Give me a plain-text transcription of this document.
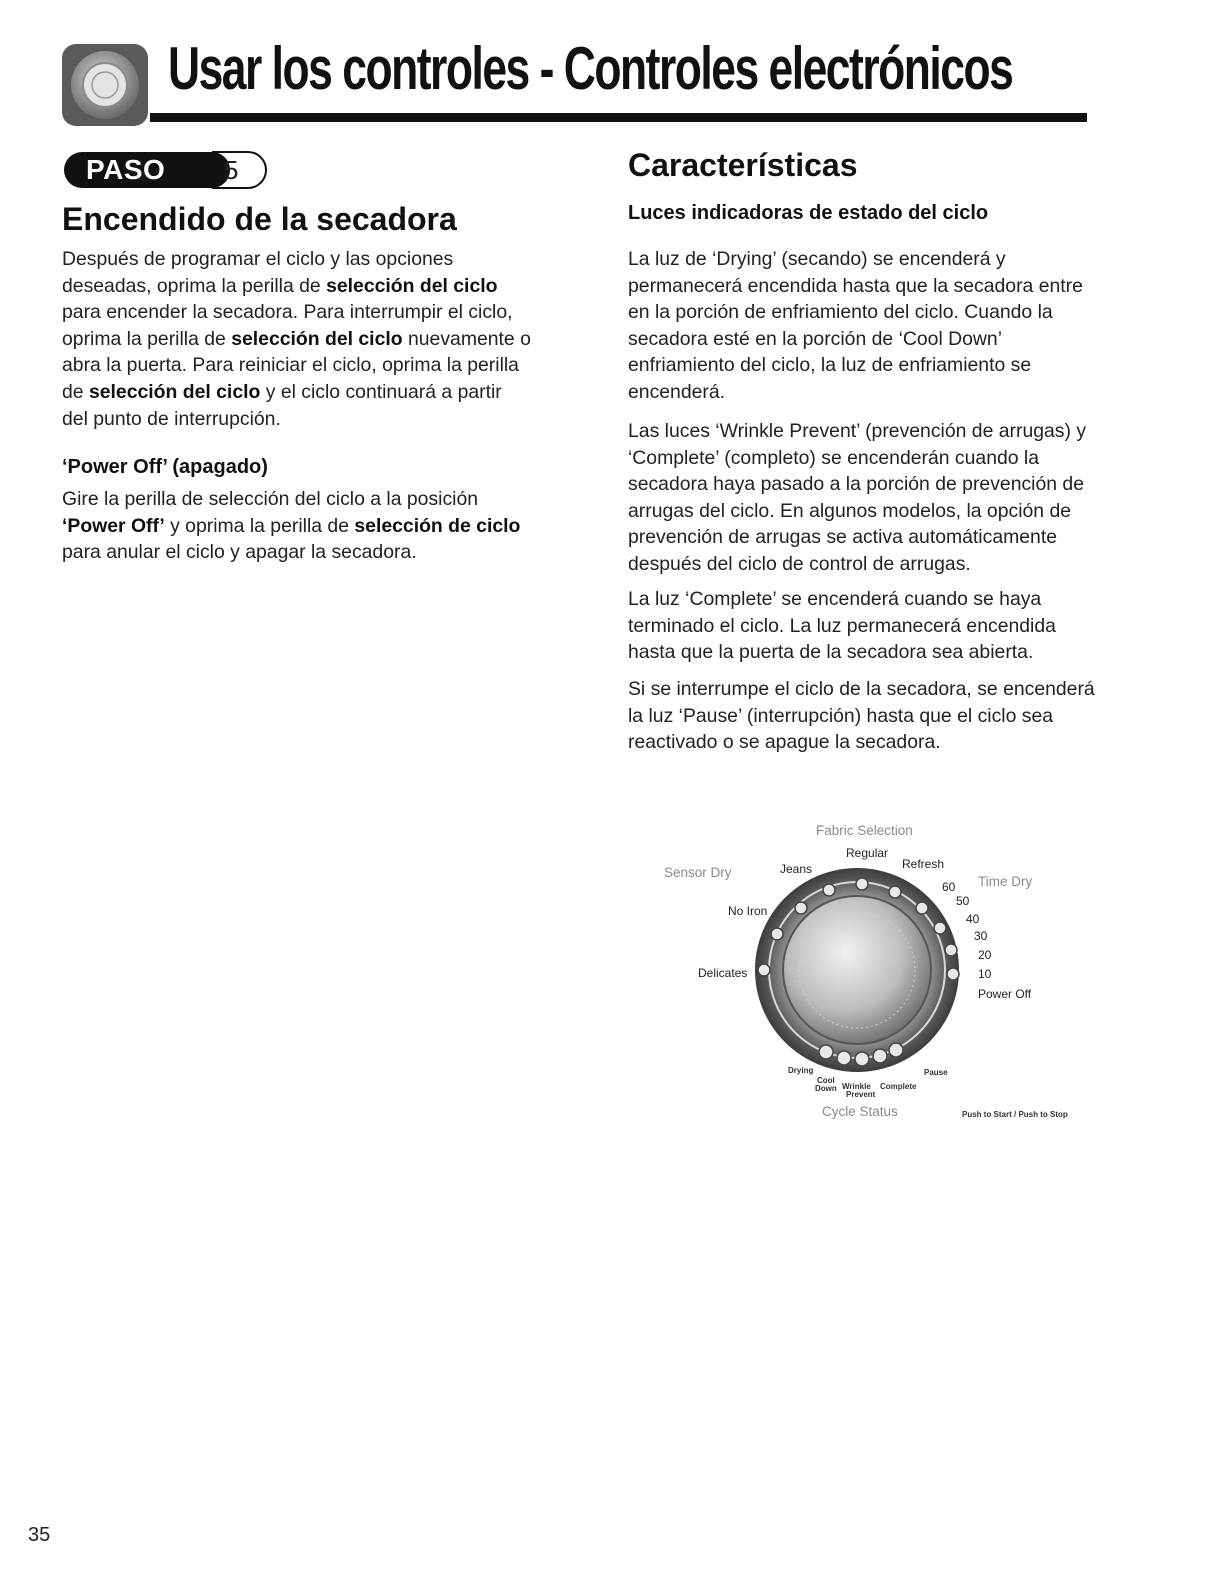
Usar los controles - Controles electrónicos
PASO 5
Encendido de la secadora

Después de programar el ciclo y las opciones
deseadas, oprima la perilla de selección del ciclo
para encender la secadora. Para interrumpir el ciclo,
oprima la perilla de selección del ciclo nuevamente o
abra la puerta. Para reiniciar el ciclo, oprima la perilla
de selección del ciclo y el ciclo continuará a partir
del punto de interrupción.

‘Power Off’ (apagado)

Gire la perilla de selección del ciclo a la posición
‘Power Off’ y oprima la perilla de selección de ciclo
para anular el ciclo y apagar la secadora.

Características
Luces indicadoras de estado del ciclo

La luz de ‘Drying’ (secando) se encenderá y
permanecerá encendida hasta que la secadora entre
en la porción de enfriamiento del ciclo. Cuando la
secadora esté en la porción de ‘Cool Down’
enfriamiento del ciclo, la luz de enfriamiento se
encenderá.

Las luces ‘Wrinkle Prevent’ (prevención de arrugas) y
‘Complete’ (completo) se encenderán cuando la
secadora haya pasado a la porción de prevención de
arrugas del ciclo. En algunos modelos, la opción de
prevención de arrugas se activa automáticamente
después del ciclo de control de arrugas.

La luz ‘Complete’ se encenderá cuando se haya
terminado el ciclo. La luz permanecerá encendida
hasta que la puerta de la secadora sea abierta.

Si se interrumpe el ciclo de la secadora, se encenderá
la luz ‘Pause’ (interrupción) hasta que el ciclo sea
reactivado o se apague la secadora.

Fabric Selection
Sensor Dry
Time Dry
Regular
Refresh
Jeans
No Iron
Delicates
60
50
40
30
20
10
Power Off
Drying	Pause
Cool
Down Wrinkle
Prevent
Complete
Cycle Status	Push to Start / Push to Stop
35
